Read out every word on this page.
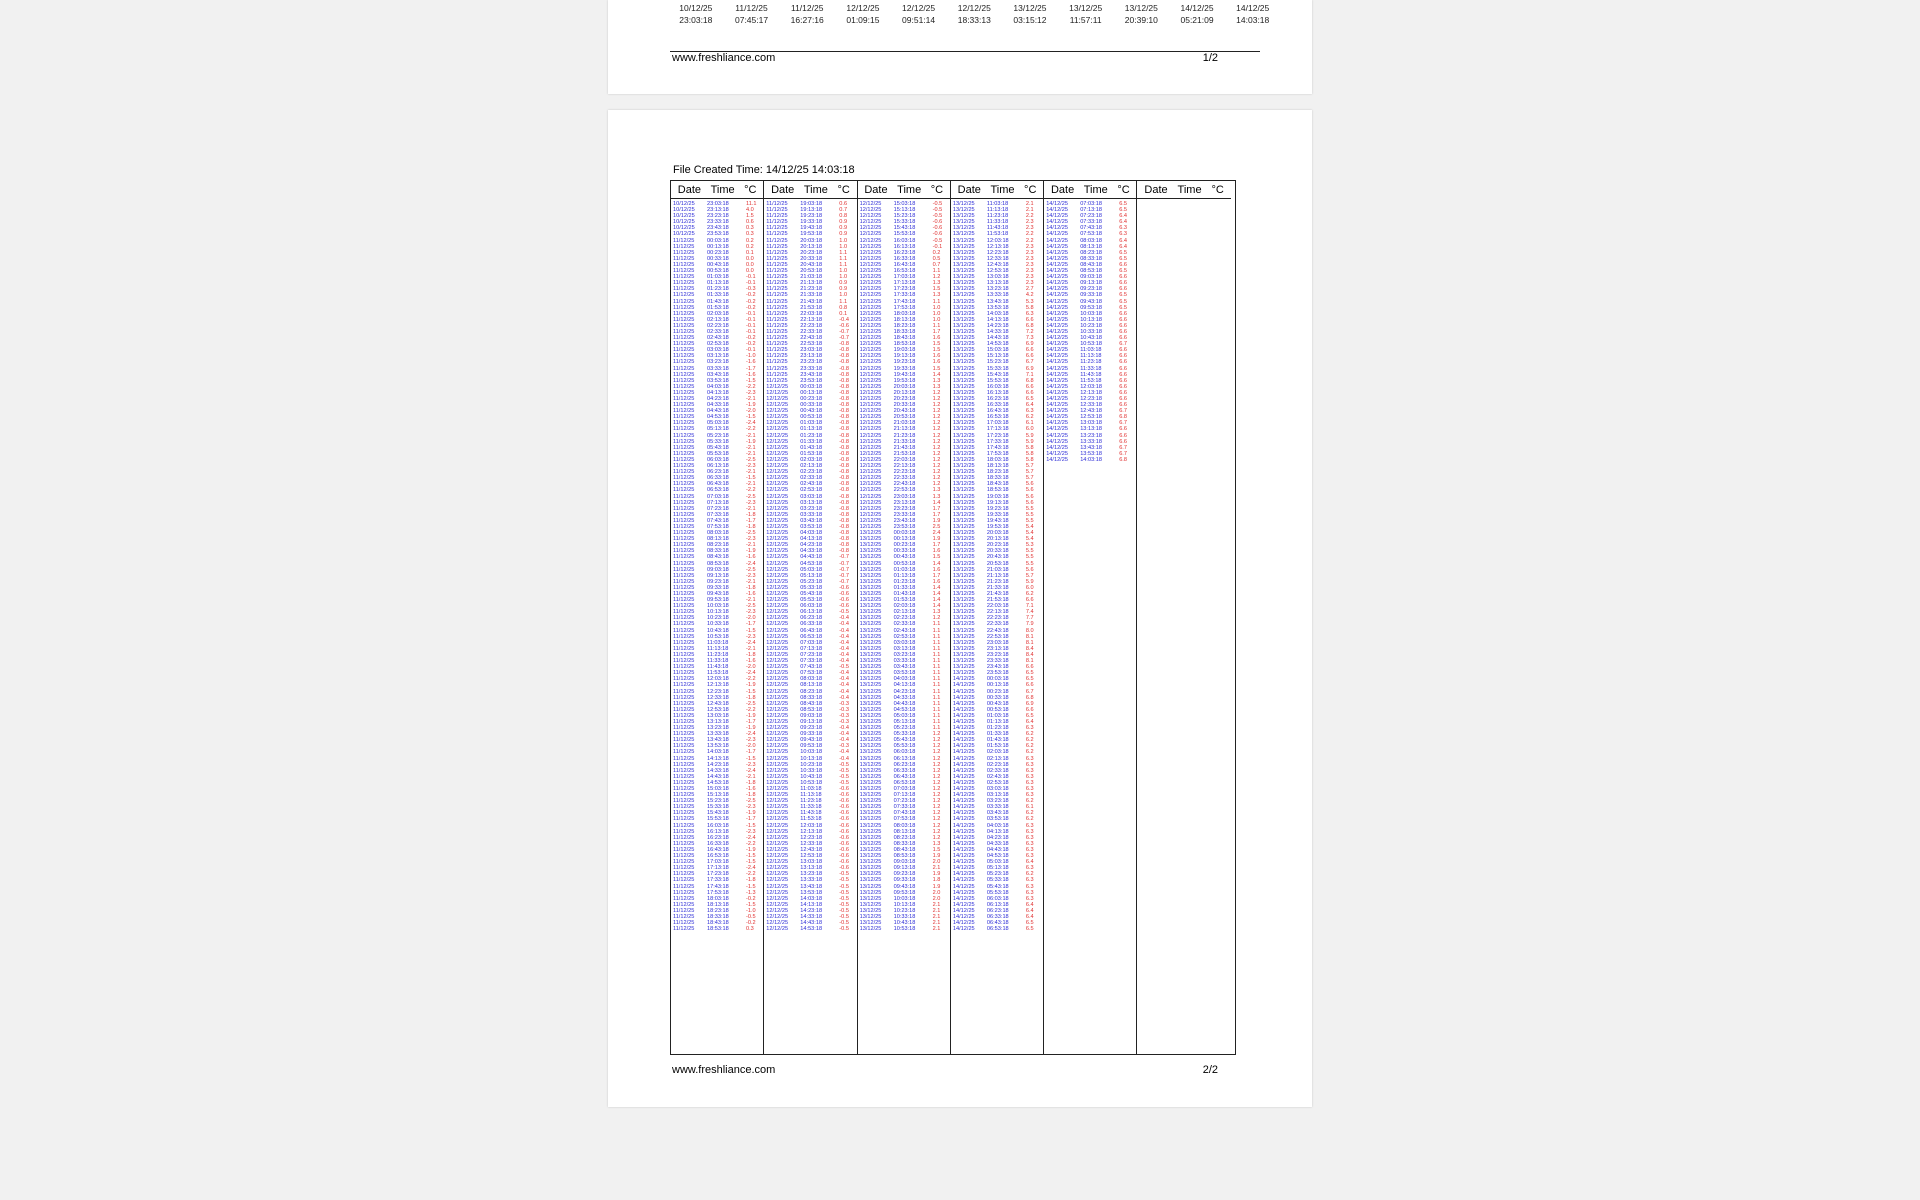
10/12/25	11/12/25	11/12/25	12/12/25	12/12/25	12/12/25	13/12/25	13/12/25	13/12/25	14/12/25	14/12/25
23:03:18	07:45:17	16:27:16	01:09:15	09:51:14	18:33:13	03:15:12	11:57:11	20:39:10	05:21:09	14:03:18
www.freshliance.com	1/2
File Created Time: 14/12/25 14:03:18
Date Time °C
10/12/25	23:03:18	11.1
10/12/25	23:13:18	4.0
10/12/25	23:23:18	1.5
10/12/25	23:33:18	0.6
10/12/25	23:43:18	0.3
10/12/25	23:53:18	0.3
11/12/25	00:03:18	0.2
11/12/25	00:13:18	0.2
11/12/25	00:23:18	0.1
11/12/25	00:33:18	0.0
11/12/25	00:43:18	0.0
11/12/25	00:53:18	0.0
11/12/25	01:03:18	-0.1
11/12/25	01:13:18	-0.1
11/12/25	01:23:18	-0.3
11/12/25	01:33:18	-0.2
11/12/25	01:43:18	-0.2
11/12/25	01:53:18	-0.2
11/12/25	02:03:18	-0.1
11/12/25	02:13:18	-0.1
11/12/25	02:23:18	-0.1
11/12/25	02:33:18	-0.1
11/12/25	02:43:18	-0.2
11/12/25	02:53:18	-0.2
11/12/25	03:03:18	-0.1
11/12/25	03:13:18	-1.0
11/12/25	03:23:18	-1.6
11/12/25	03:33:18	-1.7
11/12/25	03:43:18	-1.6
11/12/25	03:53:18	-1.5
11/12/25	04:03:18	-2.2
11/12/25	04:13:18	-2.3
11/12/25	04:23:18	-2.1
11/12/25	04:33:18	-1.9
11/12/25	04:43:18	-2.0
11/12/25	04:53:18	-1.5
11/12/25	05:03:18	-2.4
11/12/25	05:13:18	-2.2
11/12/25	05:23:18	-2.1
11/12/25	05:33:18	-1.9
11/12/25	05:43:18	-2.1
11/12/25	05:53:18	-2.1
11/12/25	06:03:18	-2.5
11/12/25	06:13:18	-2.3
11/12/25	06:23:18	-2.1
11/12/25	06:33:18	-1.5
11/12/25	06:43:18	-2.1
11/12/25	06:53:18	-2.2
11/12/25	07:03:18	-2.5
11/12/25	07:13:18	-2.3
11/12/25	07:23:18	-2.1
11/12/25	07:33:18	-1.8
11/12/25	07:43:18	-1.7
11/12/25	07:53:18	-1.8
11/12/25	08:03:18	-2.5
11/12/25	08:13:18	-2.3
11/12/25	08:23:18	-2.1
11/12/25	08:33:18	-1.9
11/12/25	08:43:18	-1.6
11/12/25	08:53:18	-2.4
11/12/25	09:03:18	-2.5
11/12/25	09:13:18	-2.3
11/12/25	09:23:18	-2.1
11/12/25	09:33:18	-1.8
11/12/25	09:43:18	-1.6
11/12/25	09:53:18	-2.1
11/12/25	10:03:18	-2.5
11/12/25	10:13:18	-2.3
11/12/25	10:23:18	-2.0
11/12/25	10:33:18	-1.7
11/12/25	10:43:18	-1.5
11/12/25	10:53:18	-2.3
11/12/25	11:03:18	-2.4
11/12/25	11:13:18	-2.1
11/12/25	11:23:18	-1.8
11/12/25	11:33:18	-1.6
11/12/25	11:43:18	-2.0
11/12/25	11:53:18	-2.4
11/12/25	12:03:18	-2.2
11/12/25	12:13:18	-1.9
11/12/25	12:23:18	-1.5
11/12/25	12:33:18	-1.8
11/12/25	12:43:18	-2.5
11/12/25	12:53:18	-2.2
11/12/25	13:03:18	-1.9
11/12/25	13:13:18	-1.7
11/12/25	13:23:18	-1.9
11/12/25	13:33:18	-2.4
11/12/25	13:43:18	-2.3
11/12/25	13:53:18	-2.0
11/12/25	14:03:18	-1.7
11/12/25	14:13:18	-1.5
11/12/25	14:23:18	-2.3
11/12/25	14:33:18	-2.4
11/12/25	14:43:18	-2.1
11/12/25	14:53:18	-1.8
11/12/25	15:03:18	-1.6
11/12/25	15:13:18	-1.8
11/12/25	15:23:18	-2.5
11/12/25	15:33:18	-2.3
11/12/25	15:43:18	-1.9
11/12/25	15:53:18	-1.7
11/12/25	16:03:18	-1.5
11/12/25	16:13:18	-2.3
11/12/25	16:23:18	-2.4
11/12/25	16:33:18	-2.2
11/12/25	16:43:18	-1.9
11/12/25	16:53:18	-1.5
11/12/25	17:03:18	-1.5
11/12/25	17:13:18	-2.4
11/12/25	17:23:18	-2.2
11/12/25	17:33:18	-1.8
11/12/25	17:43:18	-1.5
11/12/25	17:53:18	-1.3
11/12/25	18:03:18	-0.2
11/12/25	18:13:18	-1.5
11/12/25	18:23:18	-1.0
11/12/25	18:33:18	-0.5
11/12/25	18:43:18	-0.2
11/12/25	18:53:18	0.3
Date Time °C
11/12/25	19:03:18	0.6
11/12/25	19:13:18	0.7
11/12/25	19:23:18	0.8
11/12/25	19:33:18	0.9
11/12/25	19:43:18	0.9
11/12/25	19:53:18	0.9
11/12/25	20:03:18	1.0
11/12/25	20:13:18	1.0
11/12/25	20:23:18	1.1
11/12/25	20:33:18	1.1
11/12/25	20:43:18	1.1
11/12/25	20:53:18	1.0
11/12/25	21:03:18	1.0
11/12/25	21:13:18	0.9
11/12/25	21:23:18	0.9
11/12/25	21:33:18	1.0
11/12/25	21:43:18	1.1
11/12/25	21:53:18	0.8
11/12/25	22:03:18	0.1
11/12/25	22:13:18	-0.4
11/12/25	22:23:18	-0.6
11/12/25	22:33:18	-0.7
11/12/25	22:43:18	-0.7
11/12/25	22:53:18	-0.8
11/12/25	23:03:18	-0.8
11/12/25	23:13:18	-0.8
11/12/25	23:23:18	-0.8
11/12/25	23:33:18	-0.8
11/12/25	23:43:18	-0.8
11/12/25	23:53:18	-0.8
12/12/25	00:03:18	-0.8
12/12/25	00:13:18	-0.8
12/12/25	00:23:18	-0.8
12/12/25	00:33:18	-0.8
12/12/25	00:43:18	-0.8
12/12/25	00:53:18	-0.8
12/12/25	01:03:18	-0.8
12/12/25	01:13:18	-0.8
12/12/25	01:23:18	-0.8
12/12/25	01:33:18	-0.8
12/12/25	01:43:18	-0.8
12/12/25	01:53:18	-0.8
12/12/25	02:03:18	-0.8
12/12/25	02:13:18	-0.8
12/12/25	02:23:18	-0.8
12/12/25	02:33:18	-0.8
12/12/25	02:43:18	-0.8
12/12/25	02:53:18	-0.8
12/12/25	03:03:18	-0.8
12/12/25	03:13:18	-0.8
12/12/25	03:23:18	-0.8
12/12/25	03:33:18	-0.8
12/12/25	03:43:18	-0.8
12/12/25	03:53:18	-0.8
12/12/25	04:03:18	-0.8
12/12/25	04:13:18	-0.8
12/12/25	04:23:18	-0.8
12/12/25	04:33:18	-0.8
12/12/25	04:43:18	-0.7
12/12/25	04:53:18	-0.7
12/12/25	05:03:18	-0.7
12/12/25	05:13:18	-0.7
12/12/25	05:23:18	-0.7
12/12/25	05:33:18	-0.6
12/12/25	05:43:18	-0.6
12/12/25	05:53:18	-0.6
12/12/25	06:03:18	-0.6
12/12/25	06:13:18	-0.5
12/12/25	06:23:18	-0.4
12/12/25	06:33:18	-0.4
12/12/25	06:43:18	-0.4
12/12/25	06:53:18	-0.4
12/12/25	07:03:18	-0.4
12/12/25	07:13:18	-0.4
12/12/25	07:23:18	-0.4
12/12/25	07:33:18	-0.4
12/12/25	07:43:18	-0.5
12/12/25	07:53:18	-0.4
12/12/25	08:03:18	-0.4
12/12/25	08:13:18	-0.4
12/12/25	08:23:18	-0.4
12/12/25	08:33:18	-0.4
12/12/25	08:43:18	-0.3
12/12/25	08:53:18	-0.3
12/12/25	09:03:18	-0.3
12/12/25	09:13:18	-0.3
12/12/25	09:23:18	-0.4
12/12/25	09:33:18	-0.4
12/12/25	09:43:18	-0.4
12/12/25	09:53:18	-0.3
12/12/25	10:03:18	-0.4
12/12/25	10:13:18	-0.4
12/12/25	10:23:18	-0.5
12/12/25	10:33:18	-0.5
12/12/25	10:43:18	-0.5
12/12/25	10:53:18	-0.5
12/12/25	11:03:18	-0.6
12/12/25	11:13:18	-0.6
12/12/25	11:23:18	-0.6
12/12/25	11:33:18	-0.6
12/12/25	11:43:18	-0.6
12/12/25	11:53:18	-0.6
12/12/25	12:03:18	-0.6
12/12/25	12:13:18	-0.6
12/12/25	12:23:18	-0.6
12/12/25	12:33:18	-0.6
12/12/25	12:43:18	-0.6
12/12/25	12:53:18	-0.6
12/12/25	13:03:18	-0.6
12/12/25	13:13:18	-0.6
12/12/25	13:23:18	-0.5
12/12/25	13:33:18	-0.5
12/12/25	13:43:18	-0.5
12/12/25	13:53:18	-0.5
12/12/25	14:03:18	-0.5
12/12/25	14:13:18	-0.5
12/12/25	14:23:18	-0.5
12/12/25	14:33:18	-0.5
12/12/25	14:43:18	-0.5
12/12/25	14:53:18	-0.5
Date Time °C
12/12/25	15:03:18	-0.5
12/12/25	15:13:18	-0.5
12/12/25	15:23:18	-0.5
12/12/25	15:33:18	-0.6
12/12/25	15:43:18	-0.6
12/12/25	15:53:18	-0.6
12/12/25	16:03:18	-0.5
12/12/25	16:13:18	-0.1
12/12/25	16:23:18	0.2
12/12/25	16:33:18	0.5
12/12/25	16:43:18	0.7
12/12/25	16:53:18	1.1
12/12/25	17:03:18	1.2
12/12/25	17:13:18	1.3
12/12/25	17:23:18	1.5
12/12/25	17:33:18	1.3
12/12/25	17:43:18	1.1
12/12/25	17:53:18	1.0
12/12/25	18:03:18	1.0
12/12/25	18:13:18	1.0
12/12/25	18:23:18	1.1
12/12/25	18:33:18	1.7
12/12/25	18:43:18	1.6
12/12/25	18:53:18	1.5
12/12/25	19:03:18	1.5
12/12/25	19:13:18	1.6
12/12/25	19:23:18	1.6
12/12/25	19:33:18	1.5
12/12/25	19:43:18	1.4
12/12/25	19:53:18	1.3
12/12/25	20:03:18	1.3
12/12/25	20:13:18	1.2
12/12/25	20:23:18	1.2
12/12/25	20:33:18	1.2
12/12/25	20:43:18	1.2
12/12/25	20:53:18	1.2
12/12/25	21:03:18	1.2
12/12/25	21:13:18	1.2
12/12/25	21:23:18	1.2
12/12/25	21:33:18	1.2
12/12/25	21:43:18	1.2
12/12/25	21:53:18	1.2
12/12/25	22:03:18	1.2
12/12/25	22:13:18	1.2
12/12/25	22:23:18	1.2
12/12/25	22:33:18	1.2
12/12/25	22:43:18	1.2
12/12/25	22:53:18	1.3
12/12/25	23:03:18	1.3
12/12/25	23:13:18	1.4
12/12/25	23:23:18	1.7
12/12/25	23:33:18	1.7
12/12/25	23:43:18	1.9
12/12/25	23:53:18	2.5
13/12/25	00:03:18	2.4
13/12/25	00:13:18	1.9
13/12/25	00:23:18	1.7
13/12/25	00:33:18	1.6
13/12/25	00:43:18	1.5
13/12/25	00:53:18	1.4
13/12/25	01:03:18	1.6
13/12/25	01:13:18	1.7
13/12/25	01:23:18	1.6
13/12/25	01:33:18	1.4
13/12/25	01:43:18	1.4
13/12/25	01:53:18	1.4
13/12/25	02:03:18	1.4
13/12/25	02:13:18	1.3
13/12/25	02:23:18	1.2
13/12/25	02:33:18	1.1
13/12/25	02:43:18	1.1
13/12/25	02:53:18	1.1
13/12/25	03:03:18	1.1
13/12/25	03:13:18	1.1
13/12/25	03:23:18	1.1
13/12/25	03:33:18	1.1
13/12/25	03:43:18	1.1
13/12/25	03:53:18	1.1
13/12/25	04:03:18	1.1
13/12/25	04:13:18	1.1
13/12/25	04:23:18	1.1
13/12/25	04:33:18	1.1
13/12/25	04:43:18	1.1
13/12/25	04:53:18	1.1
13/12/25	05:03:18	1.1
13/12/25	05:13:18	1.1
13/12/25	05:23:18	1.1
13/12/25	05:33:18	1.2
13/12/25	05:43:18	1.2
13/12/25	05:53:18	1.2
13/12/25	06:03:18	1.2
13/12/25	06:13:18	1.2
13/12/25	06:23:18	1.2
13/12/25	06:33:18	1.2
13/12/25	06:43:18	1.2
13/12/25	06:53:18	1.2
13/12/25	07:03:18	1.2
13/12/25	07:13:18	1.2
13/12/25	07:23:18	1.2
13/12/25	07:33:18	1.2
13/12/25	07:43:18	1.2
13/12/25	07:53:18	1.2
13/12/25	08:03:18	1.2
13/12/25	08:13:18	1.2
13/12/25	08:23:18	1.2
13/12/25	08:33:18	1.3
13/12/25	08:43:18	1.5
13/12/25	08:53:18	1.9
13/12/25	09:03:18	2.0
13/12/25	09:13:18	2.1
13/12/25	09:23:18	1.9
13/12/25	09:33:18	1.8
13/12/25	09:43:18	1.9
13/12/25	09:53:18	2.0
13/12/25	10:03:18	2.0
13/12/25	10:13:18	2.1
13/12/25	10:23:18	2.1
13/12/25	10:33:18	2.1
13/12/25	10:43:18	2.1
13/12/25	10:53:18	2.1
Date Time °C
13/12/25	11:03:18	2.1
13/12/25	11:13:18	2.1
13/12/25	11:23:18	2.2
13/12/25	11:33:18	2.3
13/12/25	11:43:18	2.3
13/12/25	11:53:18	2.2
13/12/25	12:03:18	2.2
13/12/25	12:13:18	2.3
13/12/25	12:23:18	2.3
13/12/25	12:33:18	2.3
13/12/25	12:43:18	2.3
13/12/25	12:53:18	2.3
13/12/25	13:03:18	2.3
13/12/25	13:13:18	2.3
13/12/25	13:23:18	2.7
13/12/25	13:33:18	4.2
13/12/25	13:43:18	5.3
13/12/25	13:53:18	5.8
13/12/25	14:03:18	6.3
13/12/25	14:13:18	6.6
13/12/25	14:23:18	6.8
13/12/25	14:33:18	7.2
13/12/25	14:43:18	7.3
13/12/25	14:53:18	6.9
13/12/25	15:03:18	6.6
13/12/25	15:13:18	6.6
13/12/25	15:23:18	6.7
13/12/25	15:33:18	6.9
13/12/25	15:43:18	7.1
13/12/25	15:53:18	6.8
13/12/25	16:03:18	6.6
13/12/25	16:13:18	6.6
13/12/25	16:23:18	6.5
13/12/25	16:33:18	6.4
13/12/25	16:43:18	6.3
13/12/25	16:53:18	6.2
13/12/25	17:03:18	6.1
13/12/25	17:13:18	6.0
13/12/25	17:23:18	5.9
13/12/25	17:33:18	5.9
13/12/25	17:43:18	5.8
13/12/25	17:53:18	5.8
13/12/25	18:03:18	5.8
13/12/25	18:13:18	5.7
13/12/25	18:23:18	5.7
13/12/25	18:33:18	5.7
13/12/25	18:43:18	5.6
13/12/25	18:53:18	5.6
13/12/25	19:03:18	5.6
13/12/25	19:13:18	5.6
13/12/25	19:23:18	5.5
13/12/25	19:33:18	5.5
13/12/25	19:43:18	5.5
13/12/25	19:53:18	5.4
13/12/25	20:03:18	5.4
13/12/25	20:13:18	5.4
13/12/25	20:23:18	5.3
13/12/25	20:33:18	5.5
13/12/25	20:43:18	5.5
13/12/25	20:53:18	5.5
13/12/25	21:03:18	5.6
13/12/25	21:13:18	5.7
13/12/25	21:23:18	5.9
13/12/25	21:33:18	6.0
13/12/25	21:43:18	6.2
13/12/25	21:53:18	6.6
13/12/25	22:03:18	7.1
13/12/25	22:13:18	7.4
13/12/25	22:23:18	7.7
13/12/25	22:33:18	7.9
13/12/25	22:43:18	8.0
13/12/25	22:53:18	8.1
13/12/25	23:03:18	8.1
13/12/25	23:13:18	8.4
13/12/25	23:23:18	8.4
13/12/25	23:33:18	8.1
13/12/25	23:43:18	6.6
13/12/25	23:53:18	6.5
14/12/25	00:03:18	6.5
14/12/25	00:13:18	6.6
14/12/25	00:23:18	6.7
14/12/25	00:33:18	6.8
14/12/25	00:43:18	6.9
14/12/25	00:53:18	6.6
14/12/25	01:03:18	6.5
14/12/25	01:13:18	6.4
14/12/25	01:23:18	6.3
14/12/25	01:33:18	6.2
14/12/25	01:43:18	6.2
14/12/25	01:53:18	6.2
14/12/25	02:03:18	6.2
14/12/25	02:13:18	6.3
14/12/25	02:23:18	6.3
14/12/25	02:33:18	6.3
14/12/25	02:43:18	6.3
14/12/25	02:53:18	6.3
14/12/25	03:03:18	6.3
14/12/25	03:13:18	6.3
14/12/25	03:23:18	6.2
14/12/25	03:33:18	6.1
14/12/25	03:43:18	6.2
14/12/25	03:53:18	6.2
14/12/25	04:03:18	6.3
14/12/25	04:13:18	6.3
14/12/25	04:23:18	6.3
14/12/25	04:33:18	6.3
14/12/25	04:43:18	6.3
14/12/25	04:53:18	6.3
14/12/25	05:03:18	6.4
14/12/25	05:13:18	6.3
14/12/25	05:23:18	6.2
14/12/25	05:33:18	6.3
14/12/25	05:43:18	6.3
14/12/25	05:53:18	6.3
14/12/25	06:03:18	6.3
14/12/25	06:13:18	6.4
14/12/25	06:23:18	6.4
14/12/25	06:33:18	6.4
14/12/25	06:43:18	6.5
14/12/25	06:53:18	6.5
Date Time °C
14/12/25	07:03:18	6.5
14/12/25	07:13:18	6.5
14/12/25	07:23:18	6.4
14/12/25	07:33:18	6.4
14/12/25	07:43:18	6.3
14/12/25	07:53:18	6.3
14/12/25	08:03:18	6.4
14/12/25	08:13:18	6.4
14/12/25	08:23:18	6.5
14/12/25	08:33:18	6.5
14/12/25	08:43:18	6.6
14/12/25	08:53:18	6.5
14/12/25	09:03:18	6.6
14/12/25	09:13:18	6.6
14/12/25	09:23:18	6.6
14/12/25	09:33:18	6.5
14/12/25	09:43:18	6.5
14/12/25	09:53:18	6.5
14/12/25	10:03:18	6.6
14/12/25	10:13:18	6.6
14/12/25	10:23:18	6.6
14/12/25	10:33:18	6.6
14/12/25	10:43:18	6.6
14/12/25	10:53:18	6.7
14/12/25	11:03:18	6.6
14/12/25	11:13:18	6.6
14/12/25	11:23:18	6.6
14/12/25	11:33:18	6.6
14/12/25	11:43:18	6.6
14/12/25	11:53:18	6.6
14/12/25	12:03:18	6.6
14/12/25	12:13:18	6.6
14/12/25	12:23:18	6.6
14/12/25	12:33:18	6.6
14/12/25	12:43:18	6.7
14/12/25	12:53:18	6.8
14/12/25	13:03:18	6.7
14/12/25	13:13:18	6.6
14/12/25	13:23:18	6.6
14/12/25	13:33:18	6.6
14/12/25	13:43:18	6.7
14/12/25	13:53:18	6.7
14/12/25	14:03:18	6.8
Date Time °C
www.freshliance.com	2/2
